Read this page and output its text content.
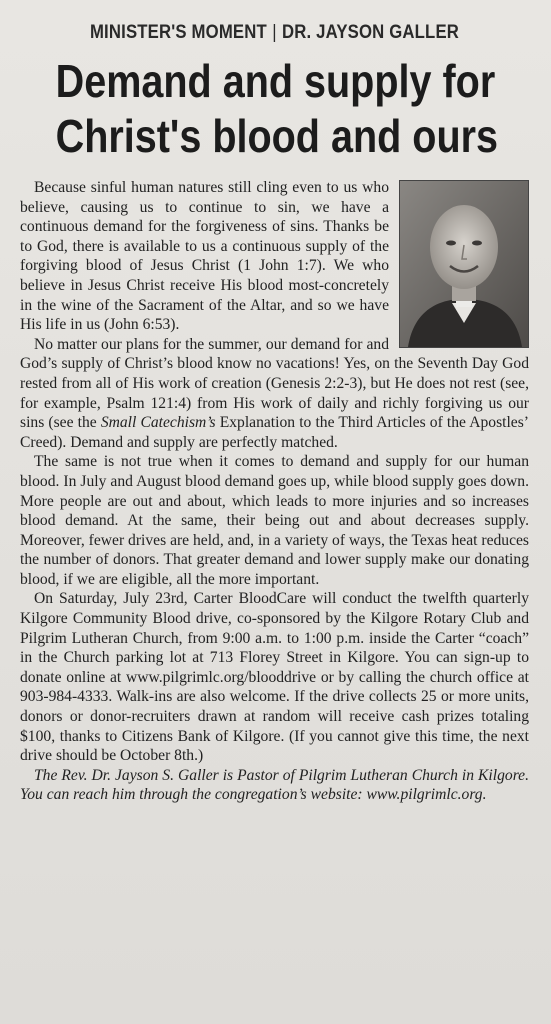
MINISTER'S MOMENT | DR. JAYSON GALLER
Demand and supply for
Christ's blood and ours

Because sinful human natures still cling even to us who believe, causing us to continue to sin, we have a continuous demand for the forgiveness of sins. Thanks be to God, there is available to us a continuous supply of the forgiving blood of Jesus Christ (1 John 1:7). We who believe in Jesus Christ receive His blood most-concretely in the wine of the Sacrament of the Altar, and so we have His life in us (John 6:53).

No matter our plans for the summer, our demand for and God’s supply of Christ’s blood know no vacations! Yes, on the Seventh Day God rested from all of His work of creation (Genesis 2:2-3), but He does not rest (see, for example, Psalm 121:4) from His work of daily and richly forgiving us our sins (see the Small Catechism’s Explanation to the Third Articles of the Apostles’ Creed). Demand and supply are perfectly matched.

The same is not true when it comes to demand and supply for our human blood. In July and August blood demand goes up, while blood supply goes down. More people are out and about, which leads to more injuries and so increases blood demand. At the same, their being out and about decreases supply. Moreover, fewer drives are held, and, in a variety of ways, the Texas heat reduces the number of donors. That greater demand and lower supply make our donating blood, if we are eligible, all the more important.

On Saturday, July 23rd, Carter BloodCare will conduct the twelfth quarterly Kilgore Community Blood drive, co-sponsored by the Kilgore Rotary Club and Pilgrim Lutheran Church, from 9:00 a.m. to 1:00 p.m. inside the Carter “coach” in the Church parking lot at 713 Florey Street in Kilgore. You can sign-up to donate online at www.pilgrimlc.org/blooddrive or by calling the church office at 903-984-4333. Walk-ins are also welcome. If the drive collects 25 or more units, donors or donor-recruiters drawn at random will receive cash prizes totaling $100, thanks to Citizens Bank of Kilgore. (If you cannot give this time, the next drive should be October 8th.)

The Rev. Dr. Jayson S. Galler is Pastor of Pilgrim Lutheran Church in Kilgore. You can reach him through the congregation’s website: www.pilgrimlc.org.
